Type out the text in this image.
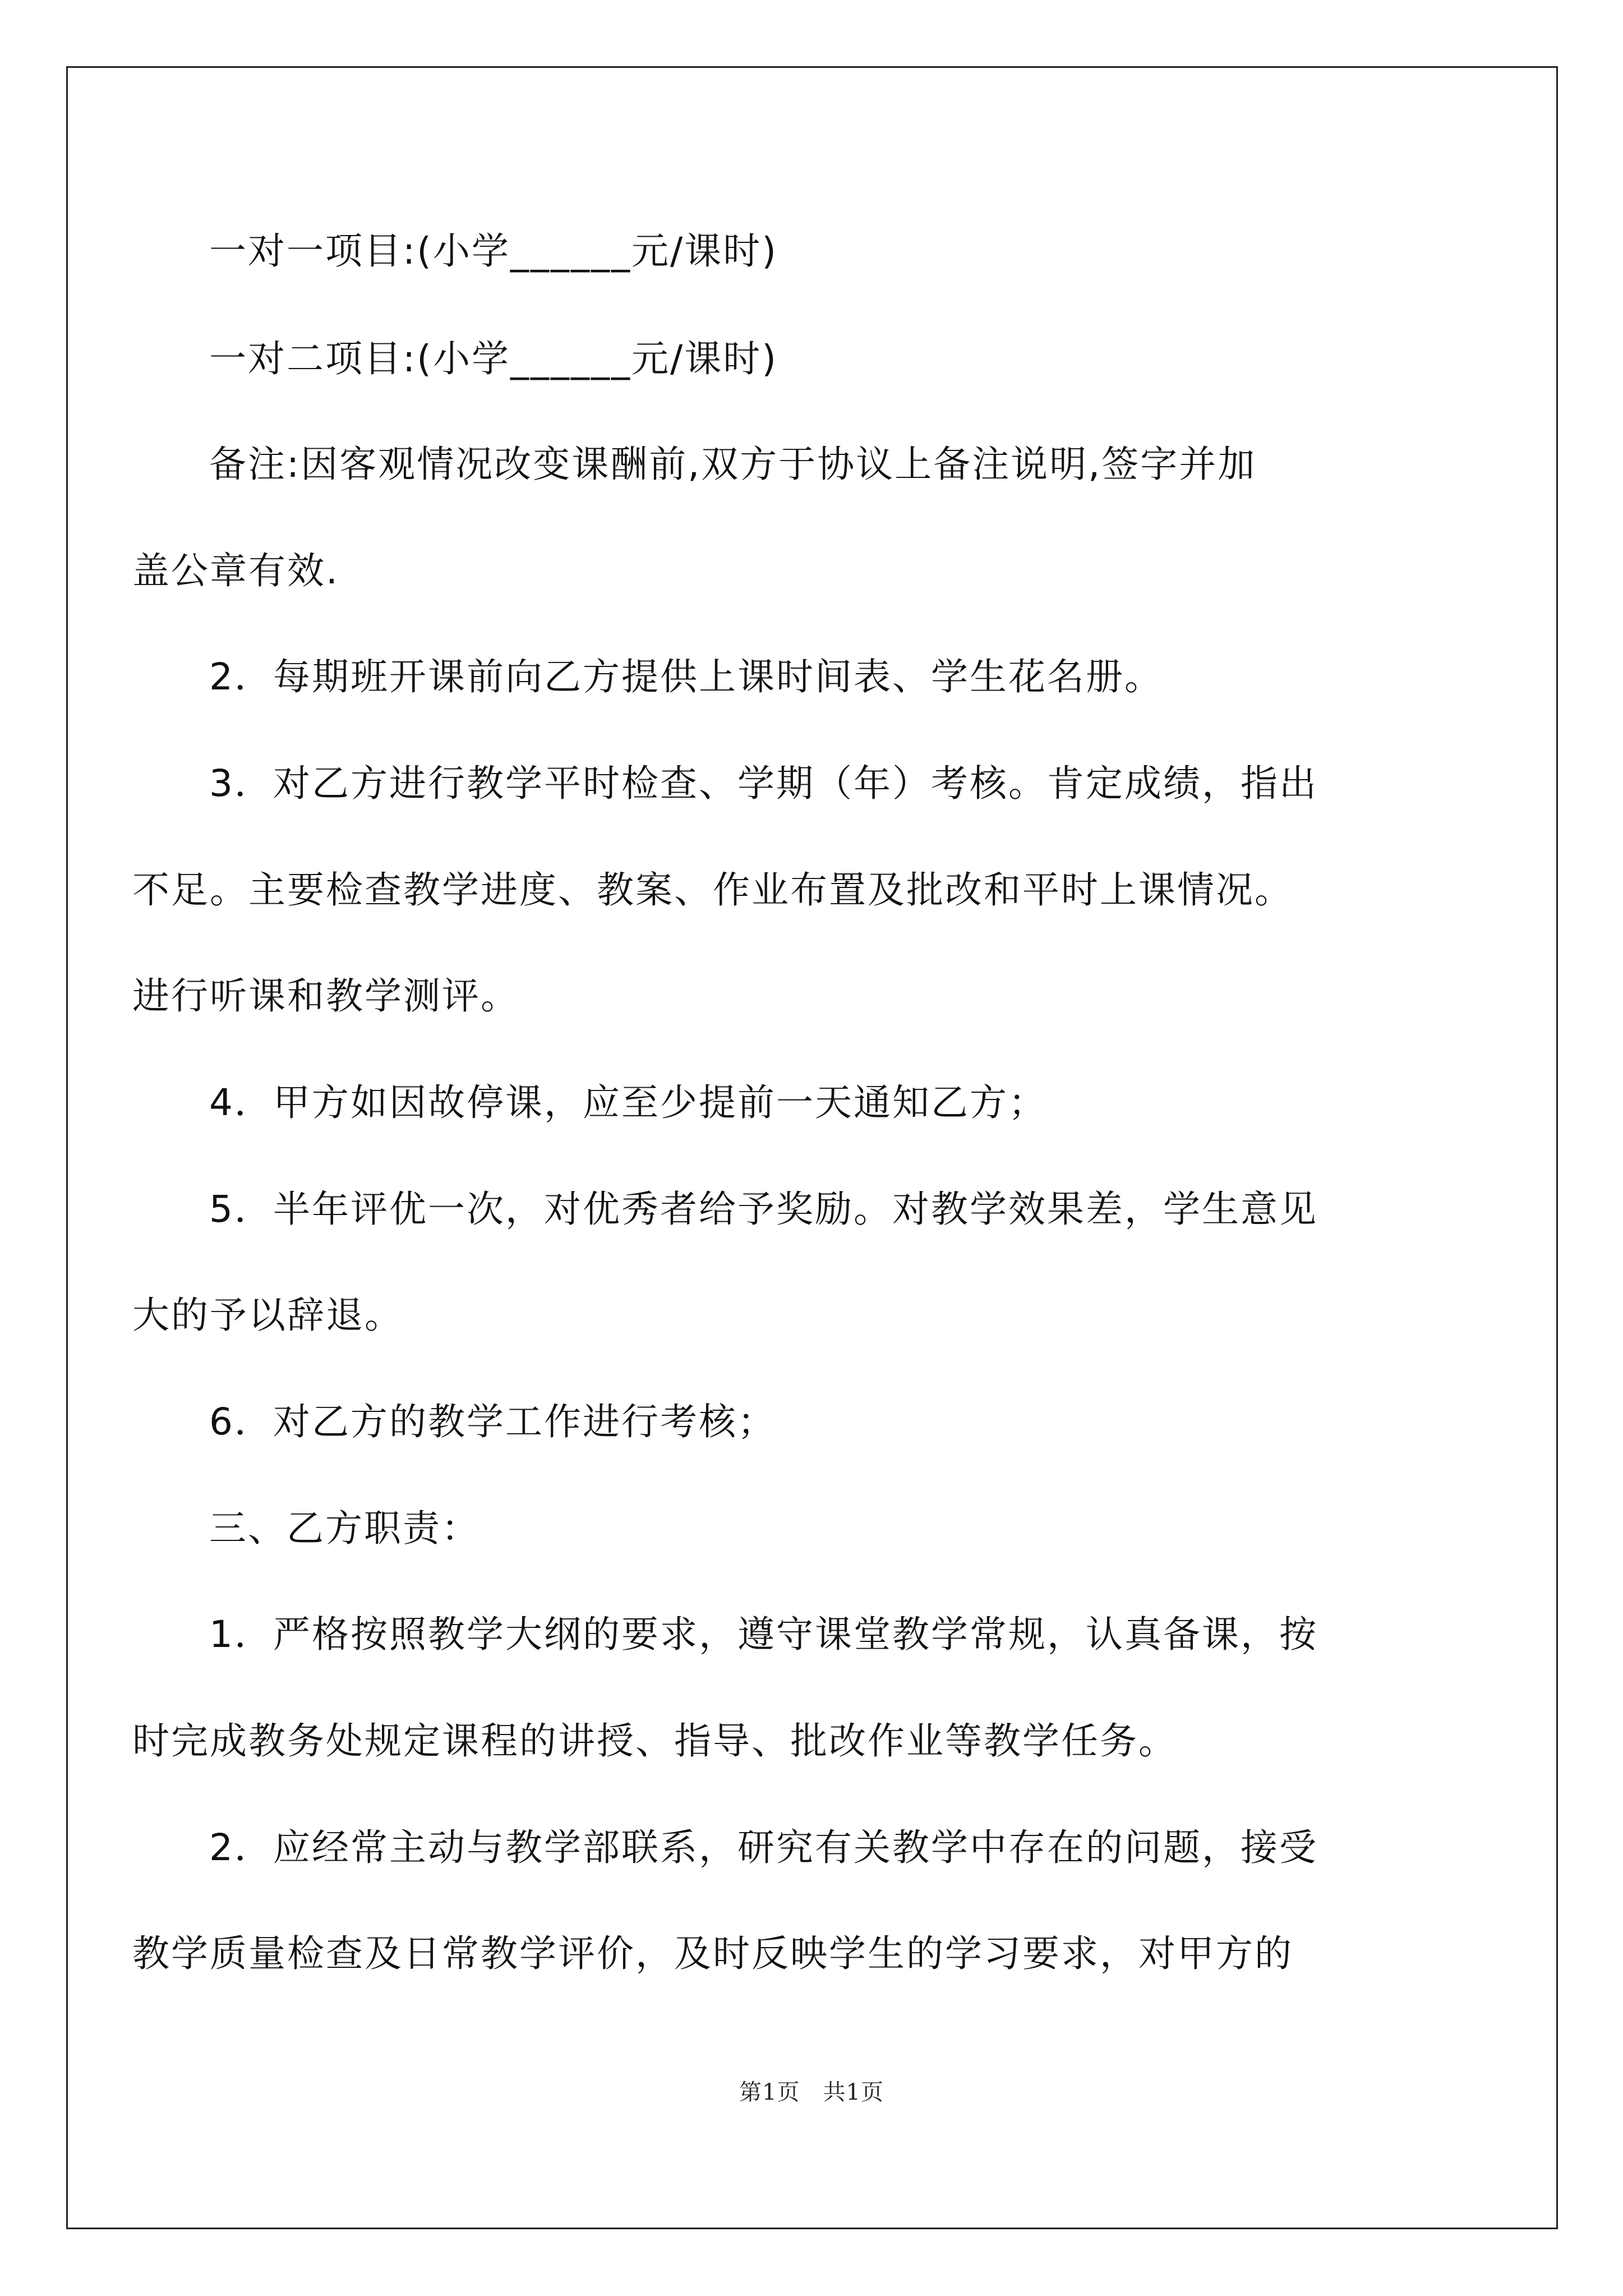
一对一项目:(小学______元/课时)
一对二项目:(小学______元/课时)
备注:因客观情况改变课酬前,双方于协议上备注说明,签字并加
盖公章有效.
2．每期班开课前向乙方提供上课时间表、学生花名册。
3．对乙方进行教学平时检查、学期（年）考核。肯定成绩，指出
不足。主要检查教学进度、教案、作业布置及批改和平时上课情况。
进行听课和教学测评。
4．甲方如因故停课，应至少提前一天通知乙方；
5．半年评优一次，对优秀者给予奖励。对教学效果差，学生意见
大的予以辞退。
6．对乙方的教学工作进行考核；
三、乙方职责：
1．严格按照教学大纲的要求，遵守课堂教学常规，认真备课，按
时完成教务处规定课程的讲授、指导、批改作业等教学任务。
2．应经常主动与教学部联系，研究有关教学中存在的问题，接受
教学质量检查及日常教学评价，及时反映学生的学习要求，对甲方的
第1页　共1页
